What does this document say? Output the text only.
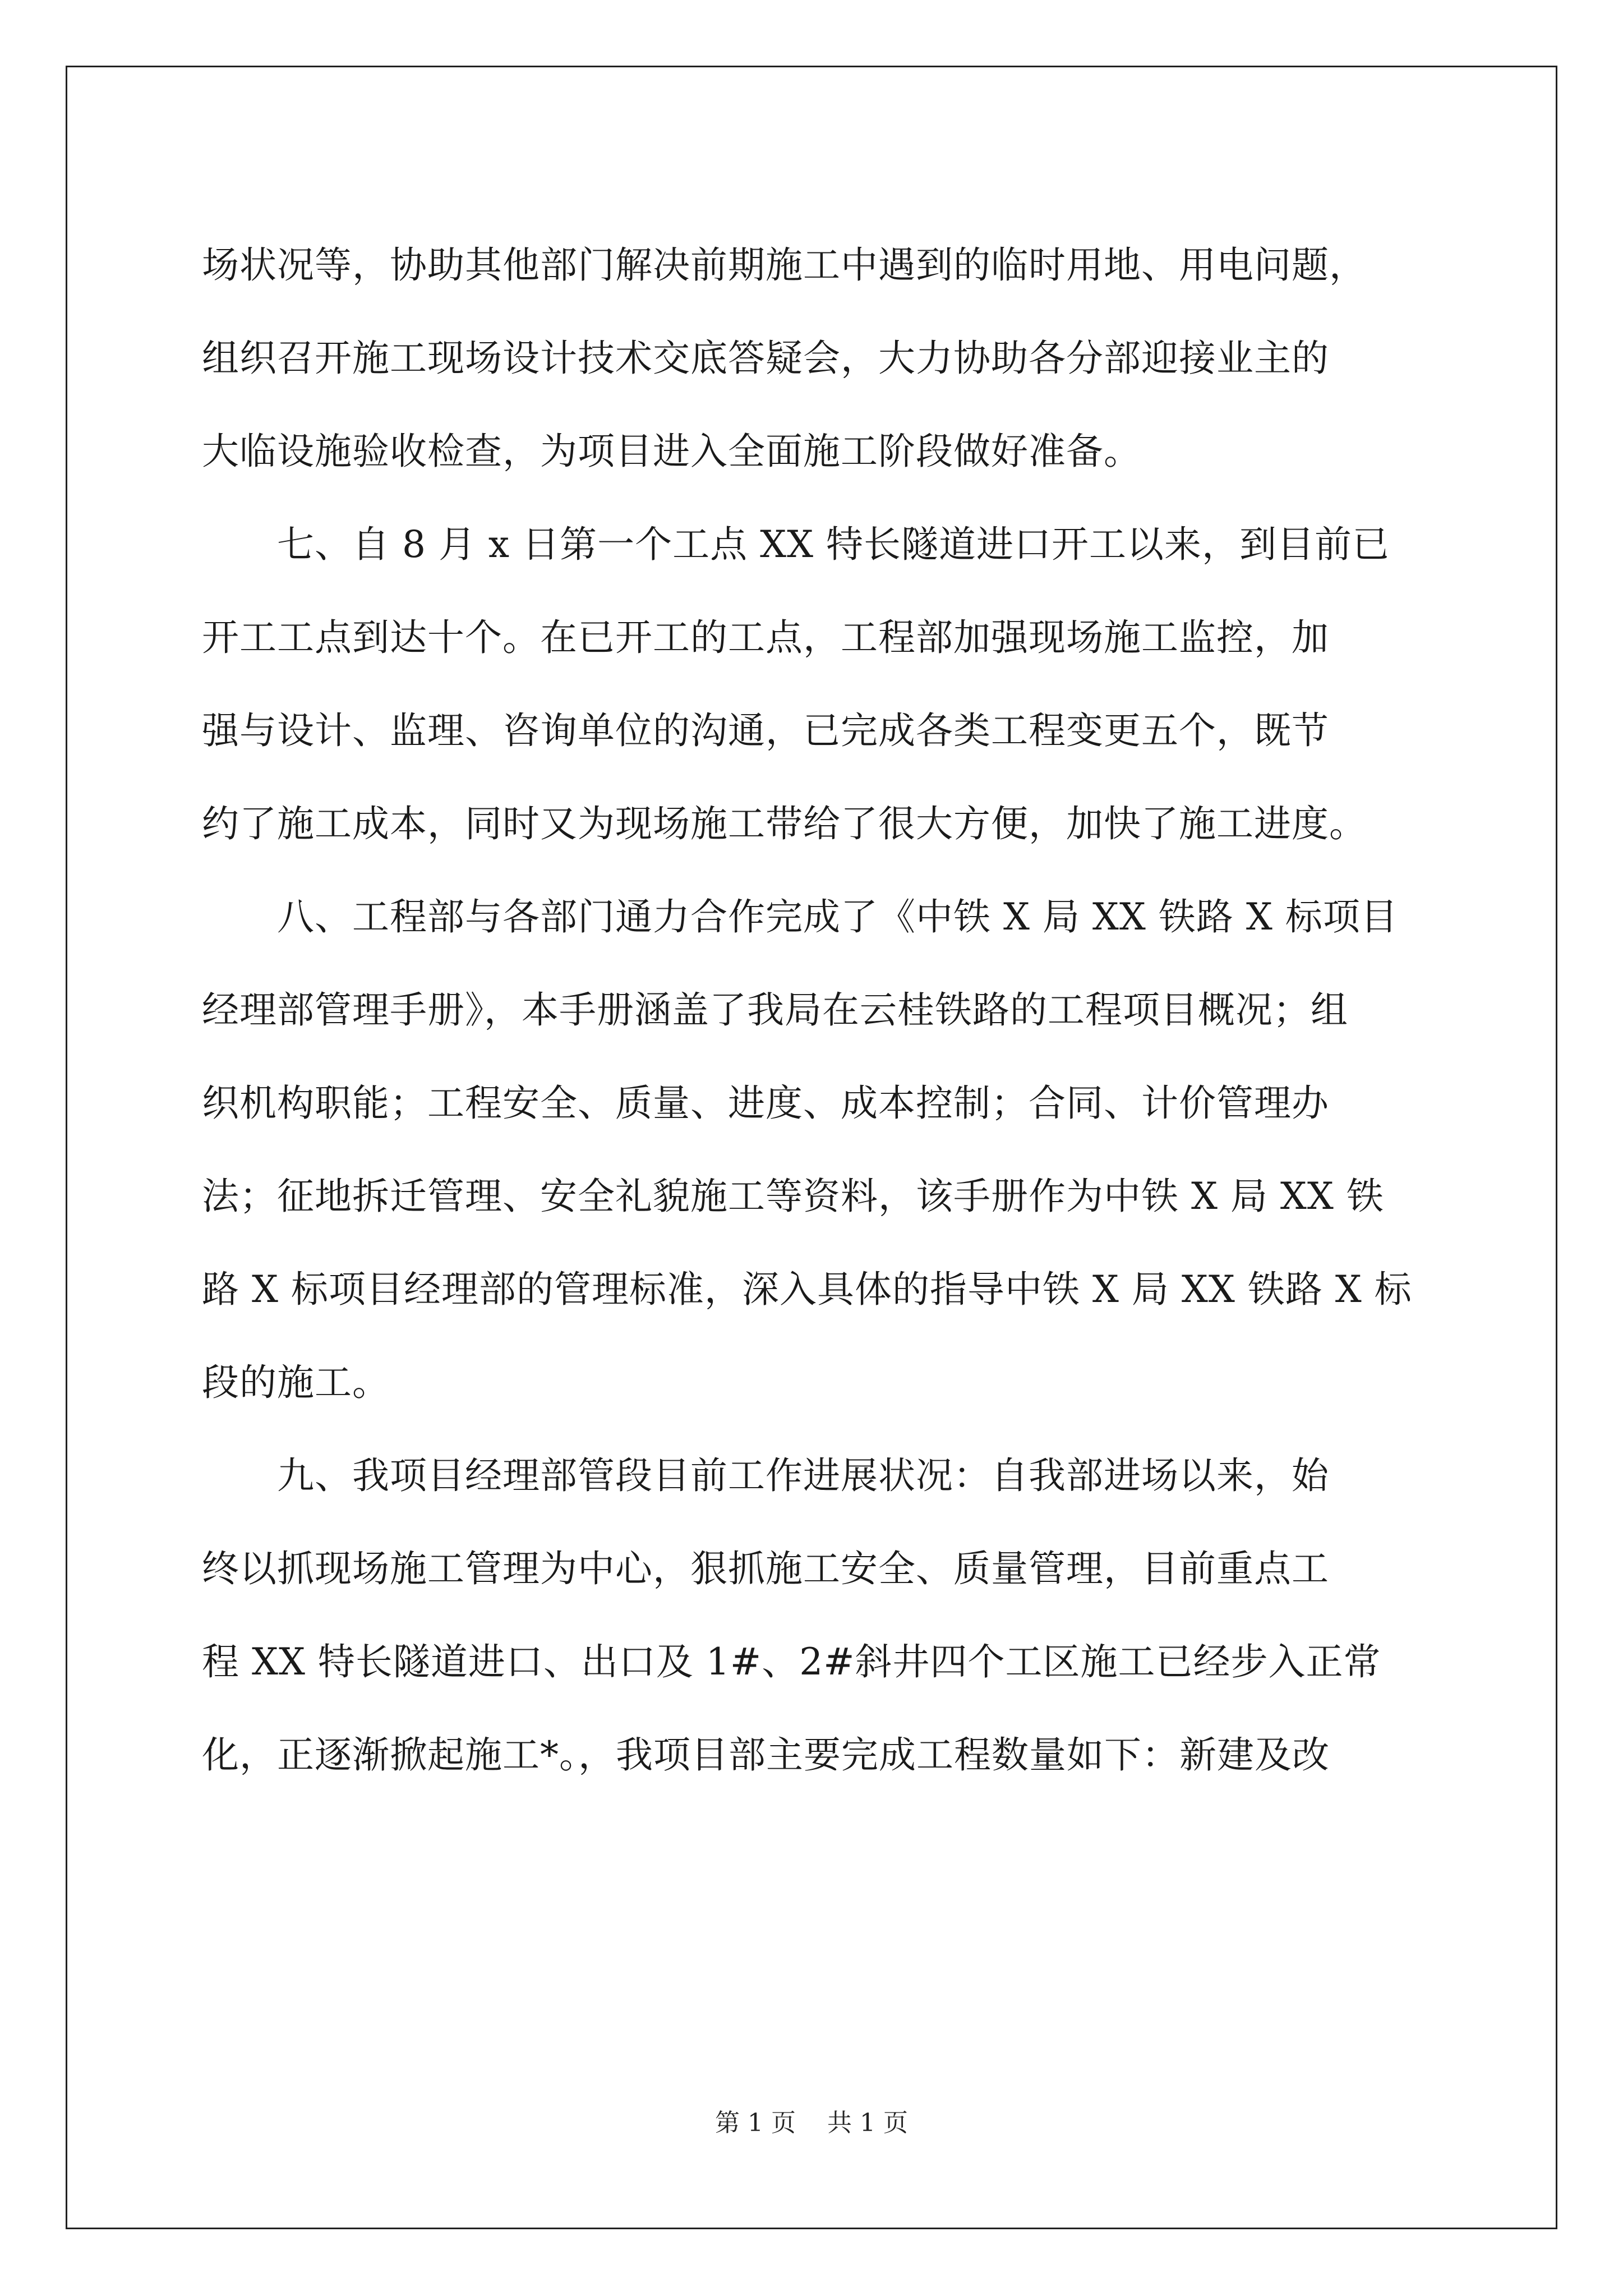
场状况等，协助其他部门解决前期施工中遇到的临时用地、用电问题，
组织召开施工现场设计技术交底答疑会，大力协助各分部迎接业主的
大临设施验收检查，为项目进入全面施工阶段做好准备。
　　七、自 8 月 x 日第一个工点 XX 特长隧道进口开工以来，到目前已
开工工点到达十个。在已开工的工点，工程部加强现场施工监控，加
强与设计、监理、咨询单位的沟通，已完成各类工程变更五个，既节
约了施工成本，同时又为现场施工带给了很大方便，加快了施工进度。
　　八、工程部与各部门通力合作完成了《中铁 X 局 XX 铁路 X 标项目
经理部管理手册》，本手册涵盖了我局在云桂铁路的工程项目概况；组
织机构职能；工程安全、质量、进度、成本控制；合同、计价管理办
法；征地拆迁管理、安全礼貌施工等资料，该手册作为中铁 X 局 XX 铁
路 X 标项目经理部的管理标准，深入具体的指导中铁 X 局 XX 铁路 X 标
段的施工。
　　九、我项目经理部管段目前工作进展状况：自我部进场以来，始
终以抓现场施工管理为中心，狠抓施工安全、质量管理，目前重点工
程 XX 特长隧道进口、出口及 1#、2#斜井四个工区施工已经步入正常
化，正逐渐掀起施工*。，我项目部主要完成工程数量如下：新建及改
第 1 页 共 1 页
